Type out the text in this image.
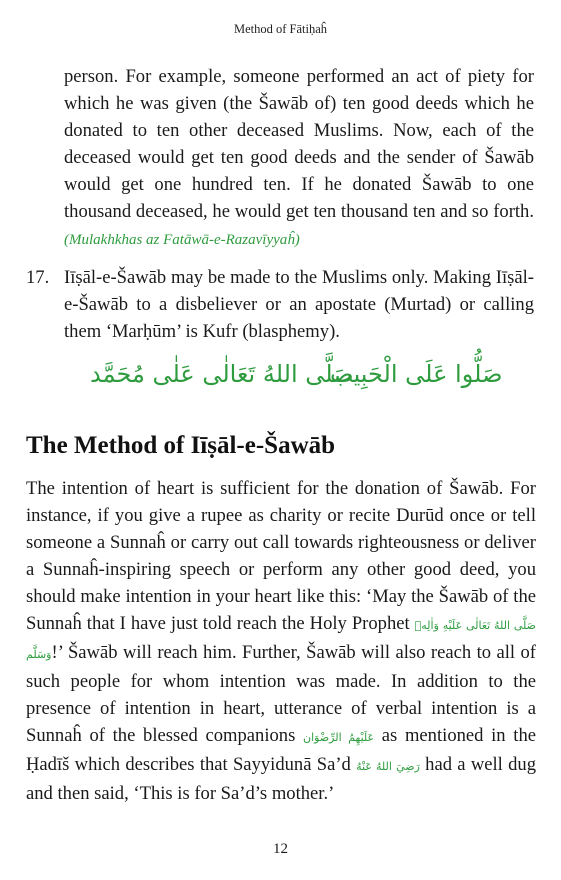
Method of Fātiḥaĥ
person. For example, someone performed an act of piety for which he was given (the Šawāb of) ten good deeds which he donated to ten other deceased Muslims. Now, each of the deceased would get ten good deeds and the sender of Šawāb would get one hundred ten. If he donated Šawāb to one thousand deceased, he would get ten thousand ten and so forth. (Mulakhkhas az Fatāwā-e-Razavīyyaĥ)
17. Iīṣāl-e-Šawāb may be made to the Muslims only. Making Iīṣāl-e-Šawāb to a disbeliever or an apostate (Murtad) or calling them ‘Marḥūm’ is Kufr (blasphemy).
صَلُّوا عَلَى الْحَبِيب
صَلَّى اللهُ تَعَالٰى عَلٰى مُحَمَّد
The Method of Iīṣāl-e-Šawāb
The intention of heart is sufficient for the donation of Šawāb. For instance, if you give a rupee as charity or recite Durūd once or tell someone a Sunnaĥ or carry out call towards righteousness or deliver a Sunnaĥ-inspiring speech or perform any other good deed, you should make intention in your heart like this: ‘May the Šawāb of the Sunnaĥ that I have just told reach the Holy Prophet صَلَّى اللهُ تَعَالٰى عَلَيْهِ وَاٰلِهٖ وَسَلَّم!’ Šawāb will reach him. Further, Šawāb will also reach to all of such people for whom intention was made. In addition to the presence of intention in heart, utterance of verbal intention is a Sunnaĥ of the blessed companions عَلَيْهِمُ الرِّضْوَان as mentioned in the Ḥadīš which describes that Sayyidunā Sa’d رَضِيَ اللهُ عَنْهُ had a well dug and then said, ‘This is for Sa’d’s mother.’
12
